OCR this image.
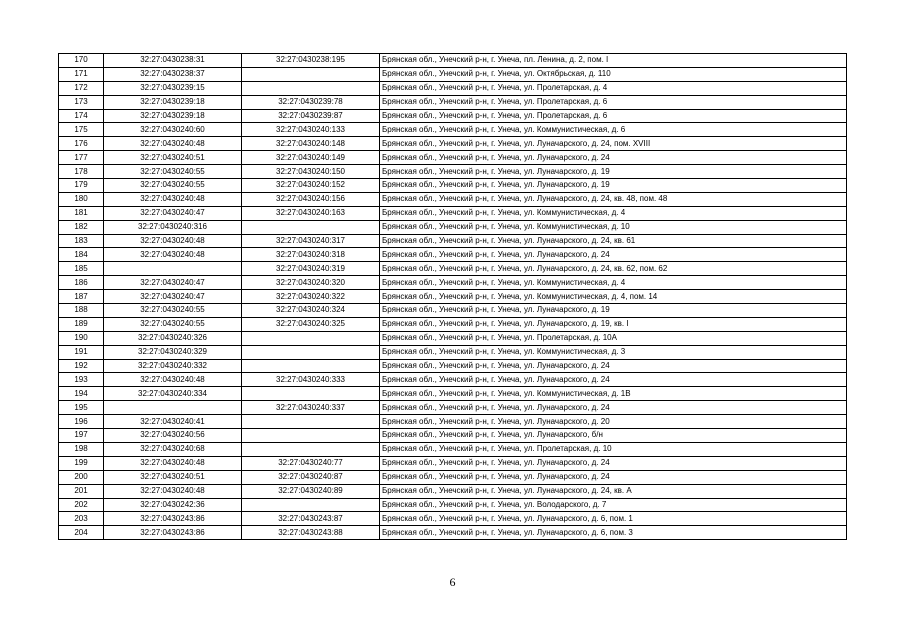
170	32:27:0430238:31	32:27:0430238:195	Брянская обл., Унечский р-н, г. Унеча, пл. Ленина, д. 2, пом. I
171	32:27:0430238:37		Брянская обл., Унечский р-н, г. Унеча, ул. Октябрьская, д. 110
172	32:27:0430239:15		Брянская обл., Унечский р-н, г. Унеча, ул. Пролетарская, д. 4
173	32:27:0430239:18	32:27:0430239:78	Брянская обл., Унечский р-н, г. Унеча, ул. Пролетарская, д. 6
174	32:27:0430239:18	32:27:0430239:87	Брянская обл., Унечский р-н, г. Унеча, ул. Пролетарская, д. 6
175	32:27:0430240:60	32:27:0430240:133	Брянская обл., Унечский р-н, г. Унеча, ул. Коммунистическая, д. 6
176	32:27:0430240:48	32:27:0430240:148	Брянская обл., Унечский р-н, г. Унеча, ул. Луначарского, д. 24, пом. XVIII
177	32:27:0430240:51	32:27:0430240:149	Брянская обл., Унечский р-н, г. Унеча, ул. Луначарского, д. 24
178	32:27:0430240:55	32:27:0430240:150	Брянская обл., Унечский р-н, г. Унеча, ул. Луначарского, д. 19
179	32:27:0430240:55	32:27:0430240:152	Брянская обл., Унечский р-н, г. Унеча, ул. Луначарского, д. 19
180	32:27:0430240:48	32:27:0430240:156	Брянская обл., Унечский р-н, г. Унеча, ул. Луначарского, д. 24, кв. 48, пом. 48
181	32:27:0430240:47	32:27:0430240:163	Брянская обл., Унечский р-н, г. Унеча, ул. Коммунистическая, д. 4
182	32:27:0430240:316		Брянская обл., Унечский р-н, г. Унеча, ул. Коммунистическая, д. 10
183	32:27:0430240:48	32:27:0430240:317	Брянская обл., Унечский р-н, г. Унеча, ул. Луначарского, д. 24, кв. 61
184	32:27:0430240:48	32:27:0430240:318	Брянская обл., Унечский р-н, г. Унеча, ул. Луначарского, д. 24
185		32:27:0430240:319	Брянская обл., Унечский р-н, г. Унеча, ул. Луначарского, д. 24, кв. 62, пом. 62
186	32:27:0430240:47	32:27:0430240:320	Брянская обл., Унечский р-н, г. Унеча, ул. Коммунистическая, д. 4
187	32:27:0430240:47	32:27:0430240:322	Брянская обл., Унечский р-н, г. Унеча, ул. Коммунистическая, д. 4, пом. 14
188	32:27:0430240:55	32:27:0430240:324	Брянская обл., Унечский р-н, г. Унеча, ул. Луначарского, д. 19
189	32:27:0430240:55	32:27:0430240:325	Брянская обл., Унечский р-н, г. Унеча, ул. Луначарского, д. 19, кв. I
190	32:27:0430240:326		Брянская обл., Унечский р-н, г. Унеча, ул. Пролетарская, д. 10А
191	32:27:0430240:329		Брянская обл., Унечский р-н, г. Унеча, ул. Коммунистическая, д. 3
192	32:27:0430240:332		Брянская обл., Унечский р-н, г. Унеча, ул. Луначарского, д. 24
193	32:27:0430240:48	32:27:0430240:333	Брянская обл., Унечский р-н, г. Унеча, ул. Луначарского, д. 24
194	32:27:0430240:334		Брянская обл., Унечский р-н, г. Унеча, ул. Коммунистическая, д. 1В
195		32:27:0430240:337	Брянская обл., Унечский р-н, г. Унеча, ул. Луначарского, д. 24
196	32:27:0430240:41		Брянская обл., Унечский р-н, г. Унеча, ул. Луначарского, д. 20
197	32:27:0430240:56		Брянская обл., Унечский р-н, г. Унеча, ул. Луначарского, б/н
198	32:27:0430240:68		Брянская обл., Унечский р-н, г. Унеча, ул. Пролетарская, д. 10
199	32:27:0430240:48	32:27:0430240:77	Брянская обл., Унечский р-н, г. Унеча, ул. Луначарского, д. 24
200	32:27:0430240:51	32:27:0430240:87	Брянская обл., Унечский р-н, г. Унеча, ул. Луначарского, д. 24
201	32:27:0430240:48	32:27:0430240:89	Брянская обл., Унечский р-н, г. Унеча, ул. Луначарского, д. 24, кв. А
202	32:27:0430242:36		Брянская обл., Унечский р-н, г. Унеча, ул. Володарского, д. 7
203	32:27:0430243:86	32:27:0430243:87	Брянская обл., Унечский р-н, г. Унеча, ул. Луначарского, д. 6, пом. 1
204	32:27:0430243:86	32:27:0430243:88	Брянская обл., Унечский р-н, г. Унеча, ул. Луначарского, д. 6, пом. 3
6
